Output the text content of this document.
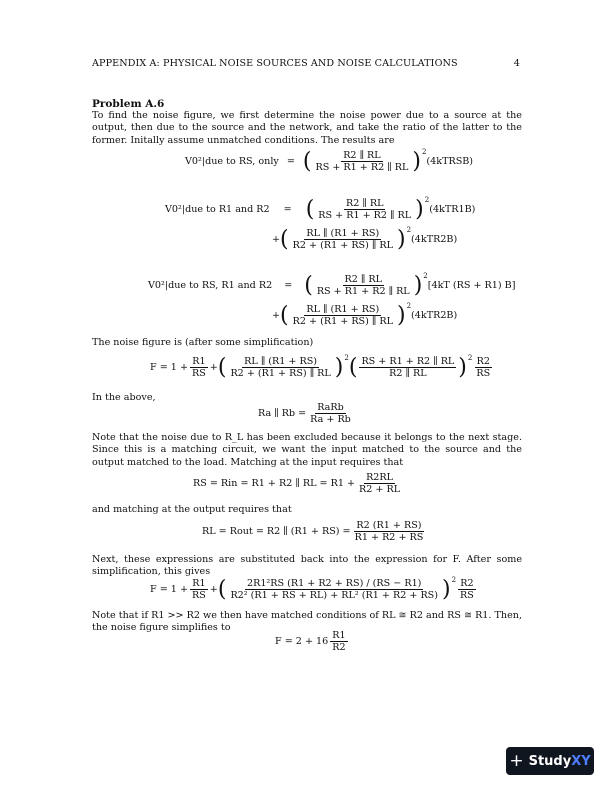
APPENDIX A: PHYSICAL NOISE SOURCES AND NOISE CALCULATIONS	4
Problem A.6
To find the noise figure, we first determine the noise power due to a source at the output, then due to the source and the network, and take the ratio of the latter to the former. Initally assume unmatched conditions. The results are
V0²|due to RS, only = ( $\frac{R2 \parallel RL}{RS + R1 + R2 \parallel RL}$ ) 2
(4kTRSB)
V0²|due to R1 and R2 = ( $\frac{R2 \parallel RL}{RS + R1 + R2 \parallel RL}$ ) 2
(4kTR1B)
+ ( $\frac{RL \parallel (R1 + RS)}{R2 + (R1 + RS) \parallel RL}$ ) 2
(4kTR2B)
V0²|due to RS, R1 and R2 = ( $\frac{R2 \parallel RL}{RS + R1 + R2 \parallel RL}$ ) 2
[4kT (RS + R1) B]
+ ( $\frac{RL \parallel (R1 + RS)}{R2 + (R1 + RS) \parallel RL}$ ) 2
(4kTR2B)
The noise figure is (after some simplification)
$F = 1 + \frac{R1}{RS}$ + ( $\frac{RL \parallel (R1 + RS)}{R2 + (R1 + RS) \parallel RL}$ ) 2 ( $\frac{RS + R1 + R2 \parallel RL}{R2 \parallel RL}$ ) $2 \frac{R2}{RS}$
In the above,
Ra ∥ $Rb = \frac{\text{RaRb}}{Ra + Rb}$
Note that the noise due to R_L has been excluded because it belongs to the next stage. Since this is a matching circuit, we want the input matched to the source and the output matched to the load. Matching at the input requires that
RS = Rin = R1 + R2 ∥ RL = $R1 + \frac{R2RL}{R2 + RL}$
and matching at the output requires that
RL = Rout = R2 ∥ $(R1 + RS) = \frac{R2 (R1 + RS)}{R1 + R2 + RS}$
Next, these expressions are substituted back into the expression for F. After some simplification, this gives
$F = 1 + \frac{R1}{RS}$ + ( $\frac{\text{2R1²RS (R1 + R2 + RS) / (RS − R1)}}{\text{R2² (R1 + RS + RL) + RL² (R1 + R2 + RS)}}$ ) $2 \frac{R2}{RS}$
Note that if R1 >> R2 we then have matched conditions of RL ≅ R2 and RS ≅ R1. Then, the noise figure simplifies to
$F = 2 + 16 \frac{R1}{R2}$
+ Study XY
